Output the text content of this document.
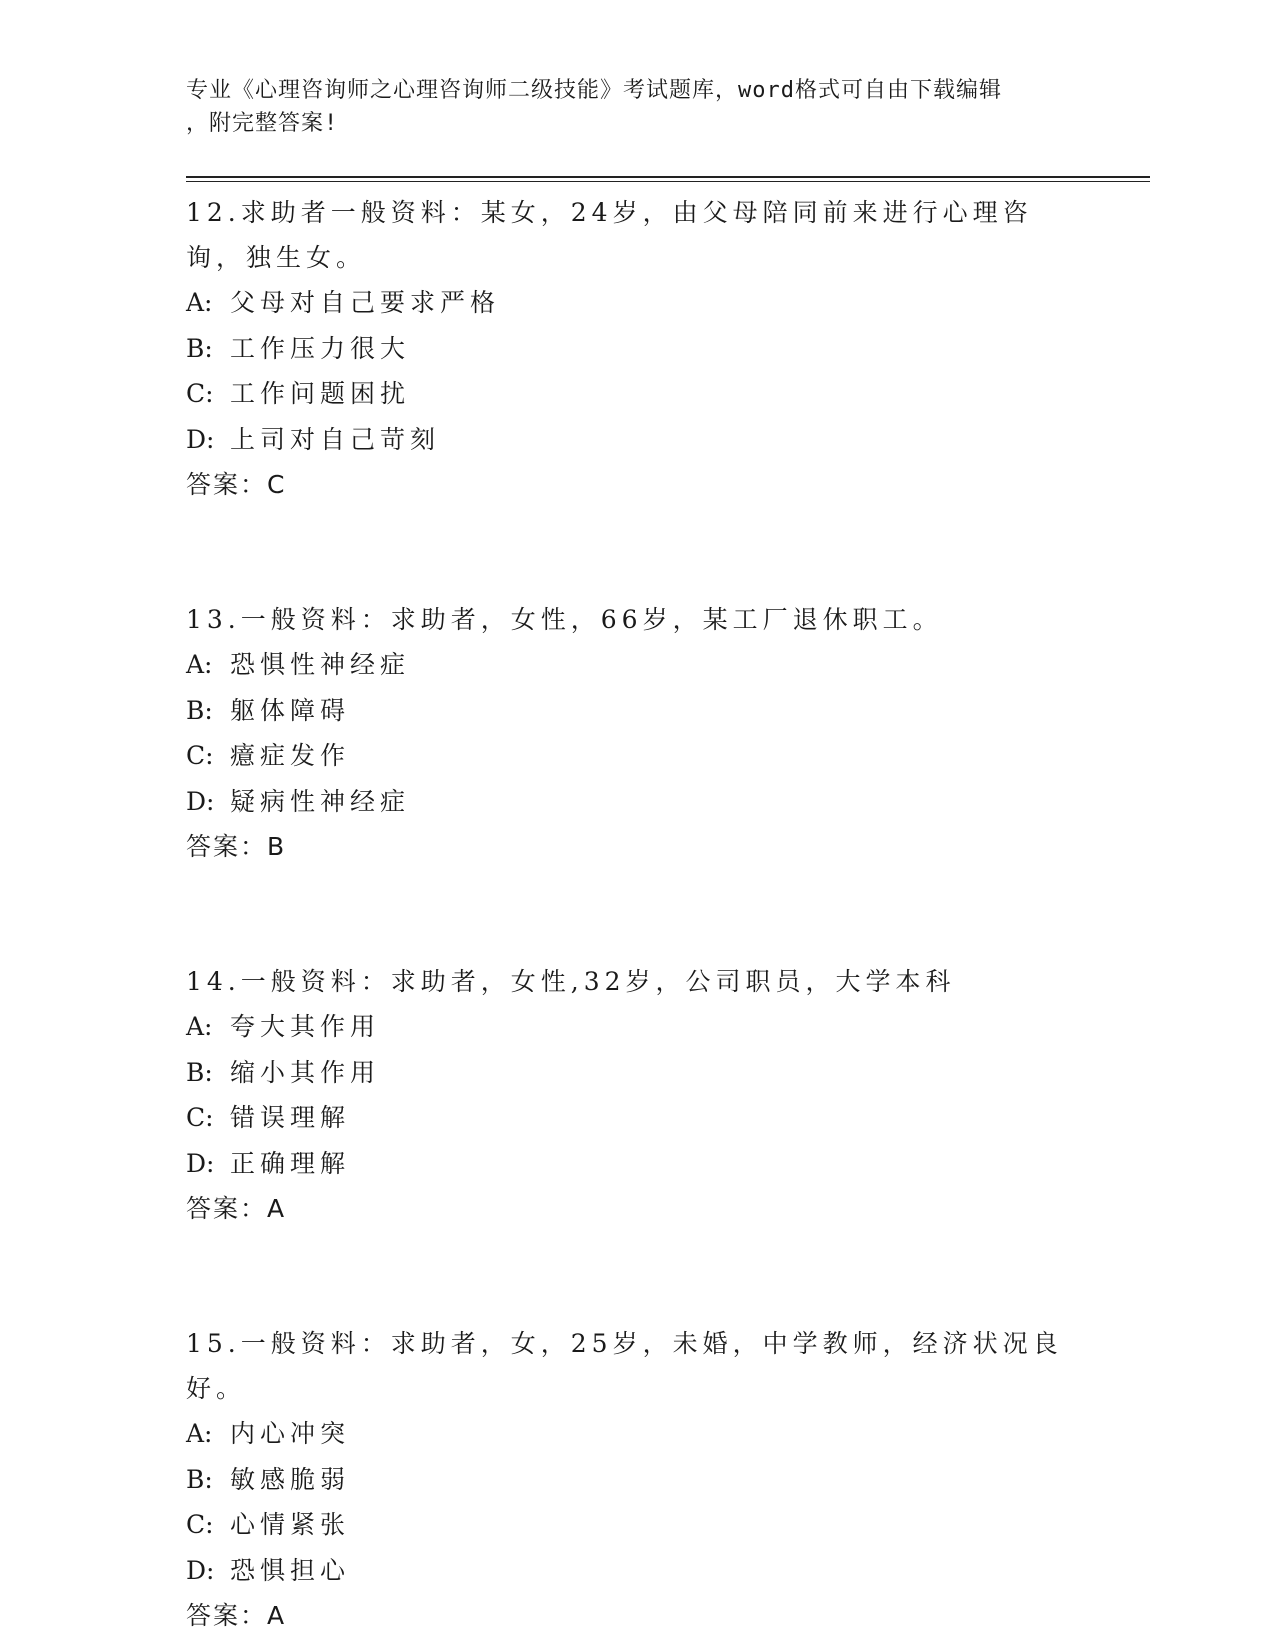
专业《心理咨询师之心理咨询师二级技能》考试题库，word格式可自由下载编辑
，附完整答案!

12.求助者一般资料：某女，24岁，由父母陪同前来进行心理咨询，独生女。

A: 父母对自己要求严格

B: 工作压力很大

C: 工作问题困扰

D: 上司对自己苛刻

答案：C

13.一般资料：求助者，女性，66岁，某工厂退休职工。

A: 恐惧性神经症

B: 躯体障碍

C: 癔症发作

D: 疑病性神经症

答案：B

14.一般资料：求助者，女性,32岁，公司职员，大学本科

A: 夸大其作用

B: 缩小其作用

C: 错误理解

D: 正确理解

答案：A

15.一般资料：求助者，女，25岁，未婚，中学教师，经济状况良好。

A: 内心冲突

B: 敏感脆弱

C: 心情紧张

D: 恐惧担心

答案：A
